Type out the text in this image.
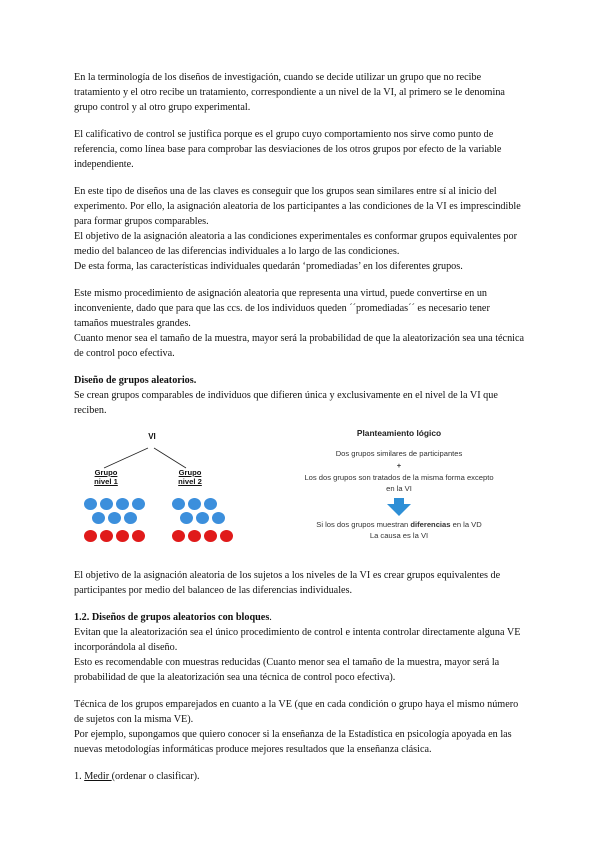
En la terminología de los diseños de investigación, cuando se decide utilizar un grupo que no recibe tratamiento y el otro recibe un tratamiento, correspondiente a un nivel de la VI, al primero se le denomina grupo control y al otro grupo experimental.

El calificativo de control se justifica porque es el grupo cuyo comportamiento nos sirve como punto de referencia, como línea base para comprobar las desviaciones de los otros grupos por efecto de la variable independiente.

En este tipo de diseños una de las claves es conseguir que los grupos sean similares entre sí al inicio del experimento. Por ello, la asignación aleatoria de los participantes a las condiciones de la VI es imprescindible para formar grupos comparables.

El objetivo de la asignación aleatoria a las condiciones experimentales es conformar grupos equivalentes por medio del balanceo de las diferencias individuales a lo largo de las condiciones.

De esta forma, las características individuales quedarán ‘promediadas’ en los diferentes grupos.

Este mismo procedimiento de asignación aleatoria que representa una virtud, puede convertirse en un inconveniente, dado que para que las ccs. de los individuos queden ´´promediadas´´ es necesario tener tamaños muestrales grandes.

Cuanto menor sea el tamaño de la muestra, mayor será la probabilidad de que la aleatorización sea una técnica de control poco efectiva.

Diseño de grupos aleatorios.

Se crean grupos comparables de individuos que difieren única y exclusivamente en el nivel de la VI que reciben.

VI
Grupo nivel 1
Grupo nivel 2
Planteamiento lógico
Dos grupos similares de participantes
+
Los dos grupos son tratados de la misma forma excepto en la VI
Si los dos grupos muestran diferencias en la VD
La causa es la VI

El objetivo de la asignación aleatoria de los sujetos a los niveles de la VI es crear grupos equivalentes de participantes por medio del balanceo de las diferencias individuales.

1.2. Diseños de grupos aleatorios con bloques.

Evitan que la aleatorización sea el único procedimiento de control e intenta controlar directamente alguna VE incorporándola al diseño.

Esto es recomendable con muestras reducidas (Cuanto menor sea el tamaño de la muestra, mayor será la probabilidad de que la aleatorización sea una técnica de control poco efectiva).

Técnica de los grupos emparejados en cuanto a la VE (que en cada condición o grupo haya el mismo número de sujetos con la misma VE).

Por ejemplo, supongamos que quiero conocer si la enseñanza de la Estadística en psicología apoyada en las nuevas metodologías informáticas produce mejores resultados que la enseñanza clásica.

1. Medir (ordenar o clasificar).
